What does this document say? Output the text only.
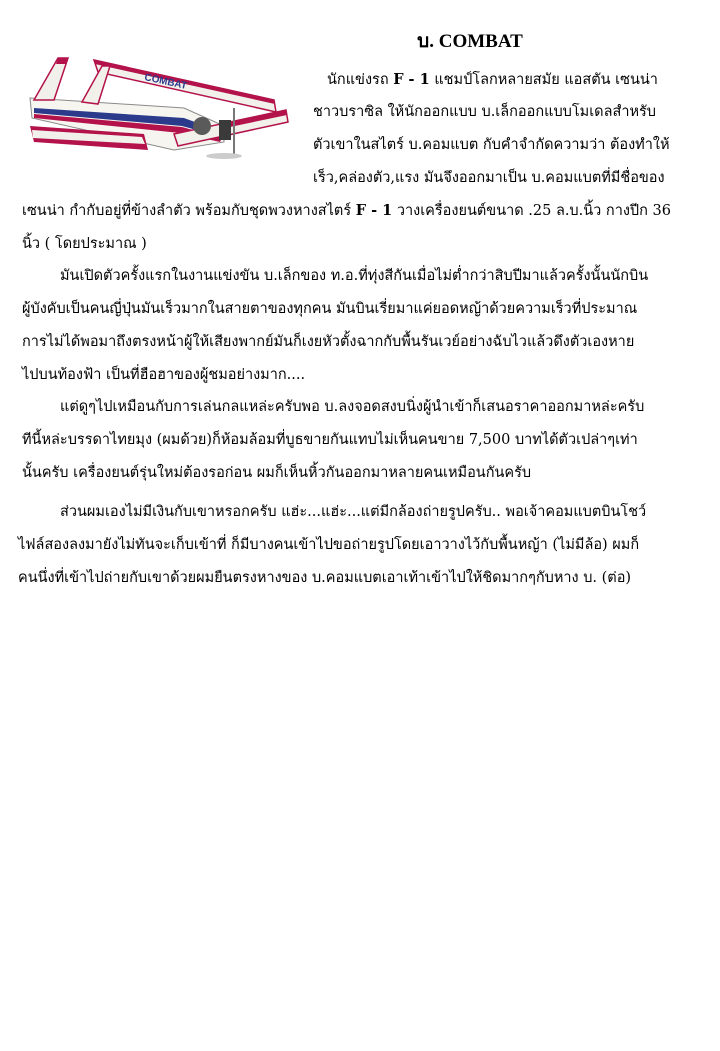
บ. COMBAT
COMBAT	นักแข่งรถ F - 1 แชมป์โลกหลายสมัย แอสตัน เซนน่า

ชาวบราซิล ให้นักออกแบบ บ.เล็กออกแบบโมเดลสำหรับ

ตัวเขาในสไตร์ บ.คอมแบต กับคำจำกัดความว่า ต้องทำให้

เร็ว,คล่องตัว,แรง มันจึงออกมาเป็น บ.คอมแบตที่มีชื่อของ

เซนน่า กำกับอยู่ที่ข้างลำตัว พร้อมกับชุดพวงหางสไตร์ F - 1 วางเครื่องยนต์ขนาด .25 ล.บ.นิ้ว กางปีก 36

นิ้ว ( โดยประมาณ )

มันเปิดตัวครั้งแรกในงานแข่งขัน บ.เล็กของ ท.อ.ที่ทุ่งสีกันเมื่อไม่ต่ำกว่าสิบปีมาแล้วครั้งนั้นนักบิน

ผู้บังคับเป็นคนญี่ปุ่นมันเร็วมากในสายตาของทุกคน มันบินเรี่ยมาแค่ยอดหญ้าด้วยความเร็วที่ประมาณ

การไม่ได้พอมาถึงตรงหน้าผู้ให้เสียงพากย์มันก็เงยหัวตั้งฉากกับพื้นรันเวย์อย่างฉับไวแล้วดึงตัวเองหาย

ไปบนท้องฟ้า เป็นที่ฮือฮาของผู้ชมอย่างมาก....

แต่ดูๆไปเหมือนกับการเล่นกลแหล่ะครับพอ บ.ลงจอดสงบนิ่งผู้นำเข้าก็เสนอราคาออกมาหล่ะครับ

ทีนี้หล่ะบรรดาไทยมุง (ผมด้วย)ก็ห้อมล้อมที่บูธขายกันแทบไม่เห็นคนขาย 7,500 บาทได้ตัวเปล่าๆเท่า

นั้นครับ เครื่องยนต์รุ่นใหม่ต้องรอก่อน ผมก็เห็นหิ้วกันออกมาหลายคนเหมือนกันครับ

ส่วนผมเองไม่มีเงินกับเขาหรอกครับ แฮ่ะ...แฮ่ะ...แต่มีกล้องถ่ายรูปครับ.. พอเจ้าคอมแบตบินโชว์

ไฟล์สองลงมายังไม่ทันจะเก็บเข้าที่ ก็มีบางคนเข้าไปขอถ่ายรูปโดยเอาวางไว้กับพื้นหญ้า (ไม่มีล้อ) ผมก็

คนนึ่งที่เข้าไปถ่ายกับเขาด้วยผมยืนตรงหางของ บ.คอมแบตเอาเท้าเข้าไปให้ชิดมากๆกับหาง บ. (ต่อ)
